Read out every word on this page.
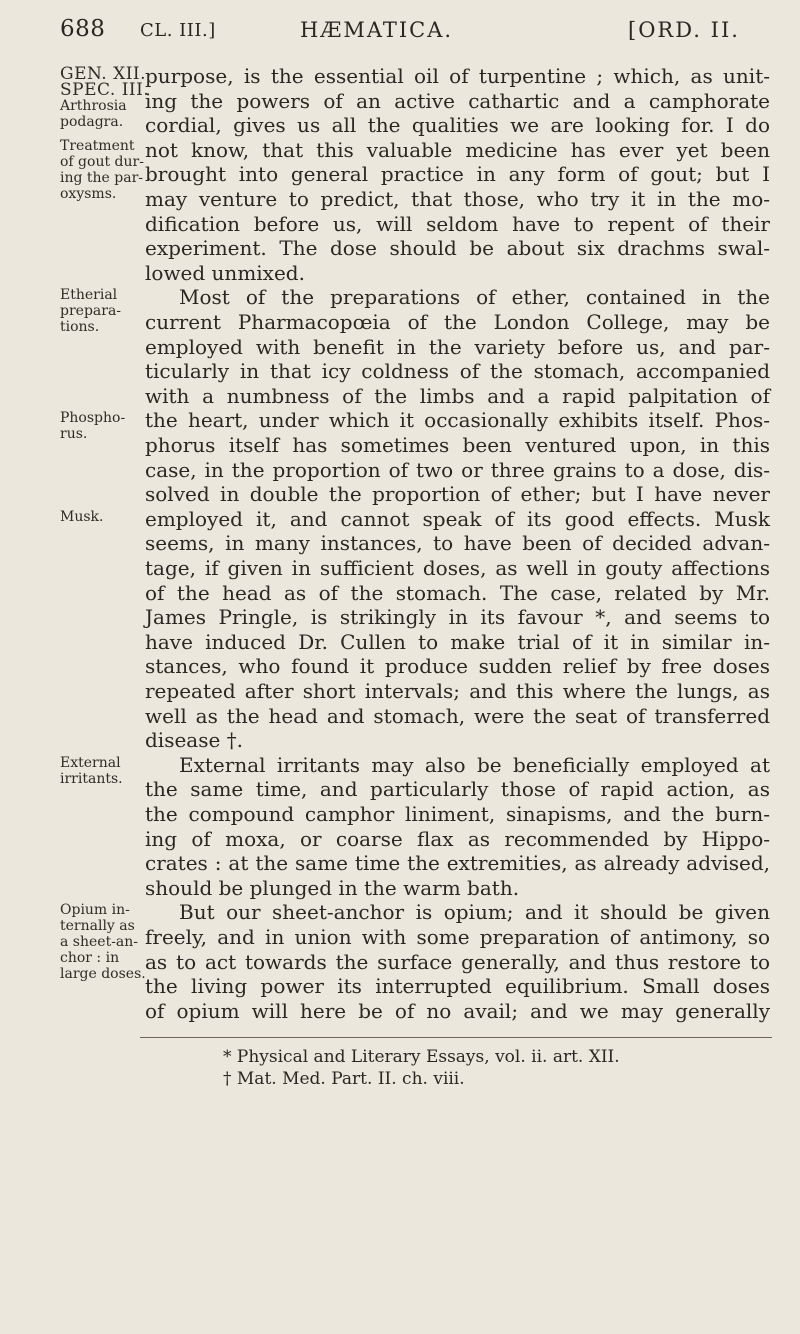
688 CL. III.]	HÆMATICA.	[ORD. II.
GEN. XII.
SPEC. III.
Arthrosia
podagra.
Treatment
of gout dur-
ing the par-
oxysms.
Etherial
prepara-
tions.
Phospho-
rus.
Musk.
External
irritants.
Opium in-
ternally as
a sheet-an-
chor : in
large doses.
purpose, is the essential oil of turpentine ; which, as unit-
ing the powers of an active cathartic and a camphorate
cordial, gives us all the qualities we are looking for. I do
not know, that this valuable medicine has ever yet been
brought into general practice in any form of gout; but I
may venture to predict, that those, who try it in the mo-
dification before us, will seldom have to repent of their
experiment. The dose should be about six drachms swal-
lowed unmixed.
Most of the preparations of ether, contained in the
current Pharmacopœia of the London College, may be
employed with benefit in the variety before us, and par-
ticularly in that icy coldness of the stomach, accompanied
with a numbness of the limbs and a rapid palpitation of
the heart, under which it occasionally exhibits itself. Phos-
phorus itself has sometimes been ventured upon, in this
case, in the proportion of two or three grains to a dose, dis-
solved in double the proportion of ether; but I have never
employed it, and cannot speak of its good effects. Musk
seems, in many instances, to have been of decided advan-
tage, if given in sufficient doses, as well in gouty affections
of the head as of the stomach. The case, related by Mr.
James Pringle, is strikingly in its favour *, and seems to
have induced Dr. Cullen to make trial of it in similar in-
stances, who found it produce sudden relief by free doses
repeated after short intervals; and this where the lungs, as
well as the head and stomach, were the seat of transferred
disease †.
External irritants may also be beneficially employed at
the same time, and particularly those of rapid action, as
the compound camphor liniment, sinapisms, and the burn-
ing of moxa, or coarse flax as recommended by Hippo-
crates : at the same time the extremities, as already advised,
should be plunged in the warm bath.
But our sheet-anchor is opium; and it should be given
freely, and in union with some preparation of antimony, so
as to act towards the surface generally, and thus restore to
the living power its interrupted equilibrium. Small doses
of opium will here be of no avail; and we may generally
* Physical and Literary Essays, vol. ii. art. XII.
† Mat. Med. Part. II. ch. viii.
